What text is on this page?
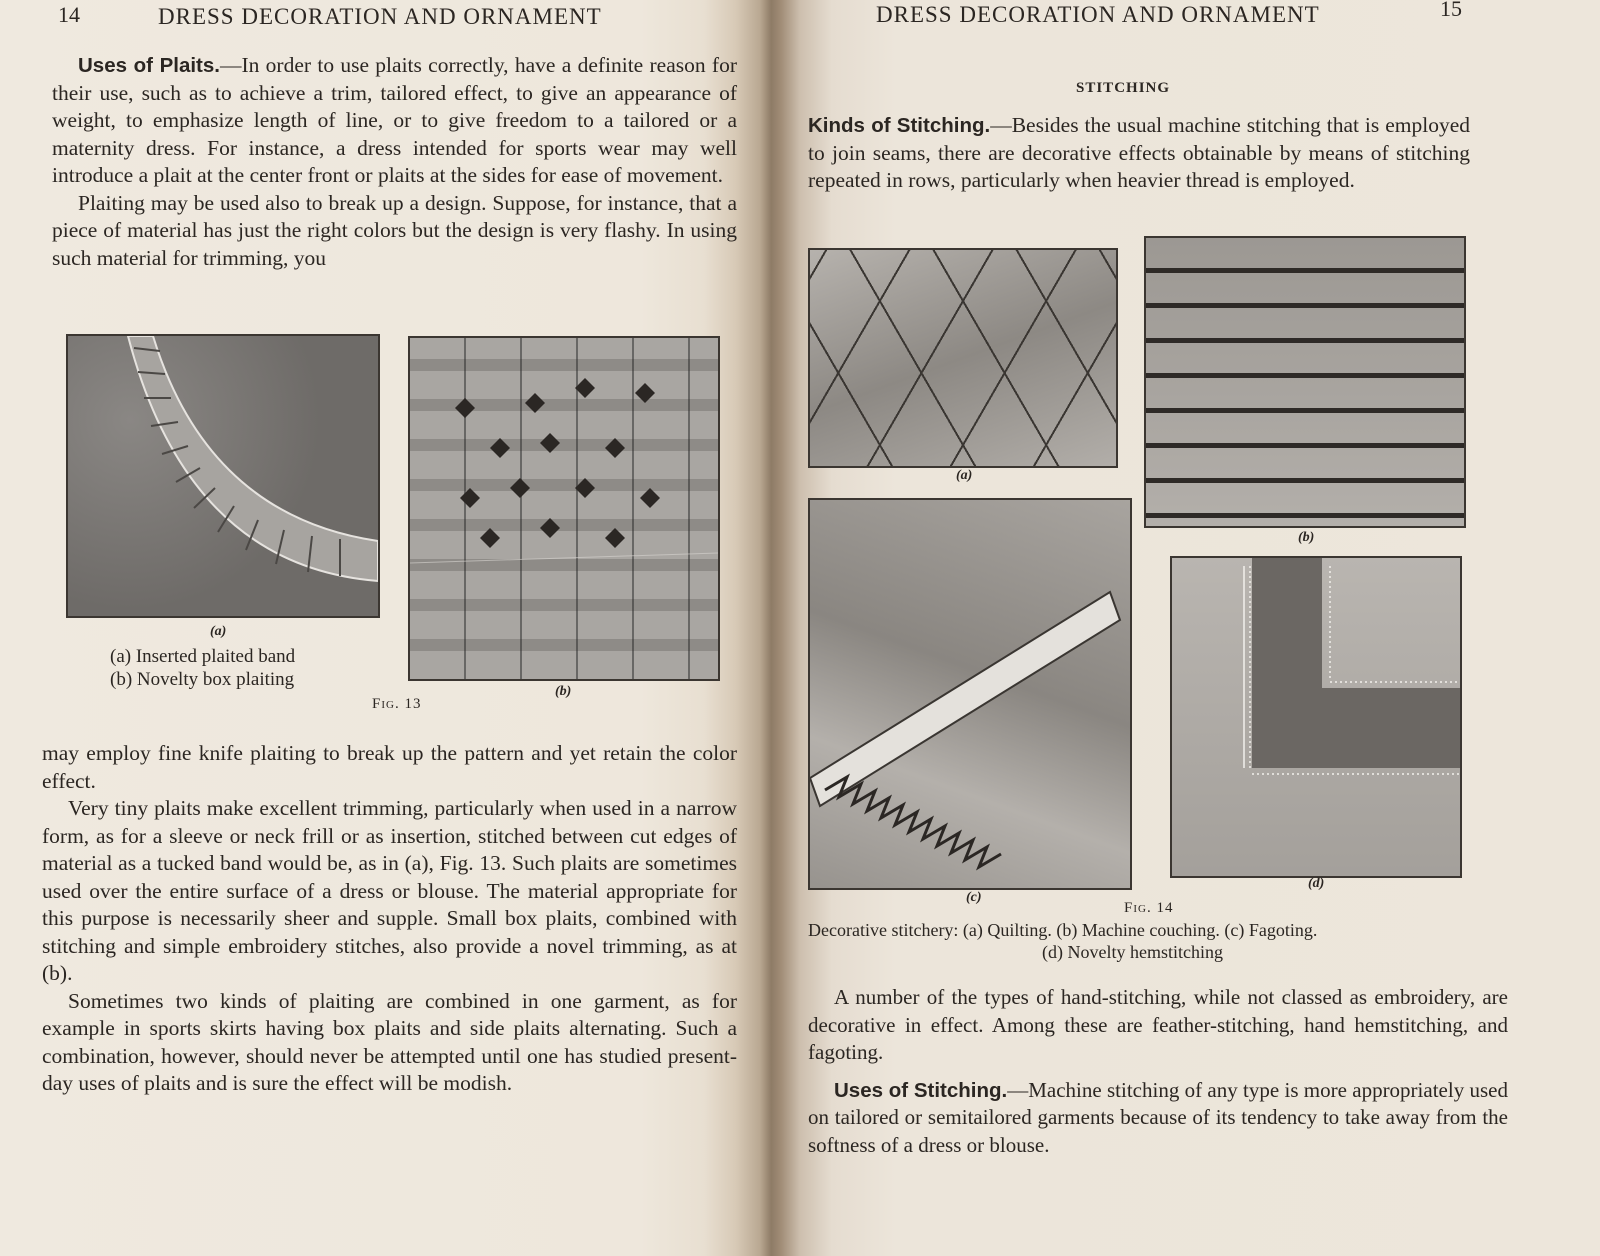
14	DRESS DECORATION AND ORNAMENT

Uses of Plaits.—In order to use plaits correctly, have a definite reason for their use, such as to achieve a trim, tailored effect, to give an appearance of weight, to emphasize length of line, or to give freedom to a tailored or a maternity dress. For instance, a dress intended for sports wear may well introduce a plait at the center front or plaits at the sides for ease of movement.

Plaiting may be used also to break up a design. Suppose, for instance, that a piece of material has just the right colors but the design is very flashy. In using such material for trimming, you

(a)
(a) Inserted plaited band
(b) Novelty box plaiting
(b)
Fig. 13

may employ fine knife plaiting to break up the pattern and yet retain the color effect.

Very tiny plaits make excellent trimming, particularly when used in a narrow form, as for a sleeve or neck frill or as insertion, stitched between cut edges of material as a tucked band would be, as in (a), Fig. 13. Such plaits are sometimes used over the entire surface of a dress or blouse. The material appropriate for this purpose is necessarily sheer and supple. Small box plaits, combined with stitching and simple embroidery stitches, also provide a novel trimming, as at (b).

Sometimes two kinds of plaiting are combined in one garment, as for example in sports skirts having box plaits and side plaits alternating. Such a combination, however, should never be attempted until one has studied present-day uses of plaits and is sure the effect will be modish.

DRESS DECORATION AND ORNAMENT	15
STITCHING

Kinds of Stitching.—Besides the usual machine stitching that is employed to join seams, there are decorative effects obtainable by means of stitching repeated in rows, particularly when heavier thread is employed.

(a)
(b)
(c)
(d)
Fig. 14
Decorative stitchery: (a) Quilting. (b) Machine couching. (c) Fagoting.
(d) Novelty hemstitching

A number of the types of hand-stitching, while not classed as embroidery, are decorative in effect. Among these are feather-stitching, hand hemstitching, and fagoting.

Uses of Stitching.—Machine stitching of any type is more appropriately used on tailored or semitailored garments because of its tendency to take away from the softness of a dress or blouse.
